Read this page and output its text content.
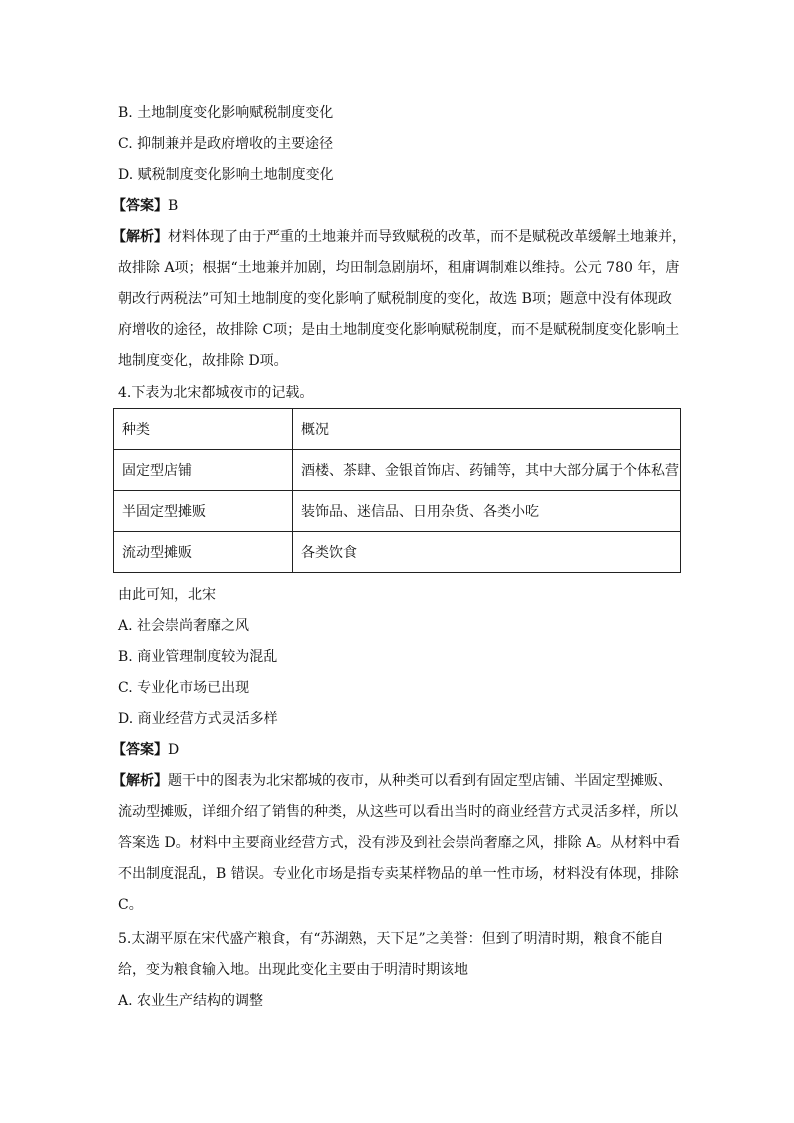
B. 土地制度变化影响赋税制度变化
C. 抑制兼并是政府增收的主要途径
D. 赋税制度变化影响土地制度变化
【答案】B
【解析】材料体现了由于严重的土地兼并而导致赋税的改革，而不是赋税改革缓解土地兼并，
故排除 A项；根据“土地兼并加剧，均田制急剧崩坏，租庸调制难以维持。公元 780 年，唐
朝改行两税法”可知土地制度的变化影响了赋税制度的变化，故选 B项；题意中没有体现政
府增收的途径，故排除 C项；是由土地制度变化影响赋税制度，而不是赋税制度变化影响土
地制度变化，故排除 D项。
4.下表为北宋都城夜市的记载。
种类	概况
固定型店铺	酒楼、茶肆、金银首饰店、药铺等，其中大部分属于个体私营
半固定型摊贩	装饰品、迷信品、日用杂货、各类小吃
流动型摊贩	各类饮食
由此可知，北宋
A. 社会崇尚奢靡之风
B. 商业管理制度较为混乱
C. 专业化市场已出现
D. 商业经营方式灵活多样
【答案】D
【解析】题干中的图表为北宋都城的夜市，从种类可以看到有固定型店铺、半固定型摊贩、
流动型摊贩，详细介绍了销售的种类，从这些可以看出当时的商业经营方式灵活多样，所以
答案选 D。材料中主要商业经营方式，没有涉及到社会崇尚奢靡之风，排除 A。从材料中看
不出制度混乱，B 错误。专业化市场是指专卖某样物品的单一性市场，材料没有体现，排除
C。
5.太湖平原在宋代盛产粮食，有“苏湖熟，天下足”之美誉：但到了明清时期，粮食不能自
给，变为粮食输入地。出现此变化主要由于明清时期该地
A. 农业生产结构的调整
